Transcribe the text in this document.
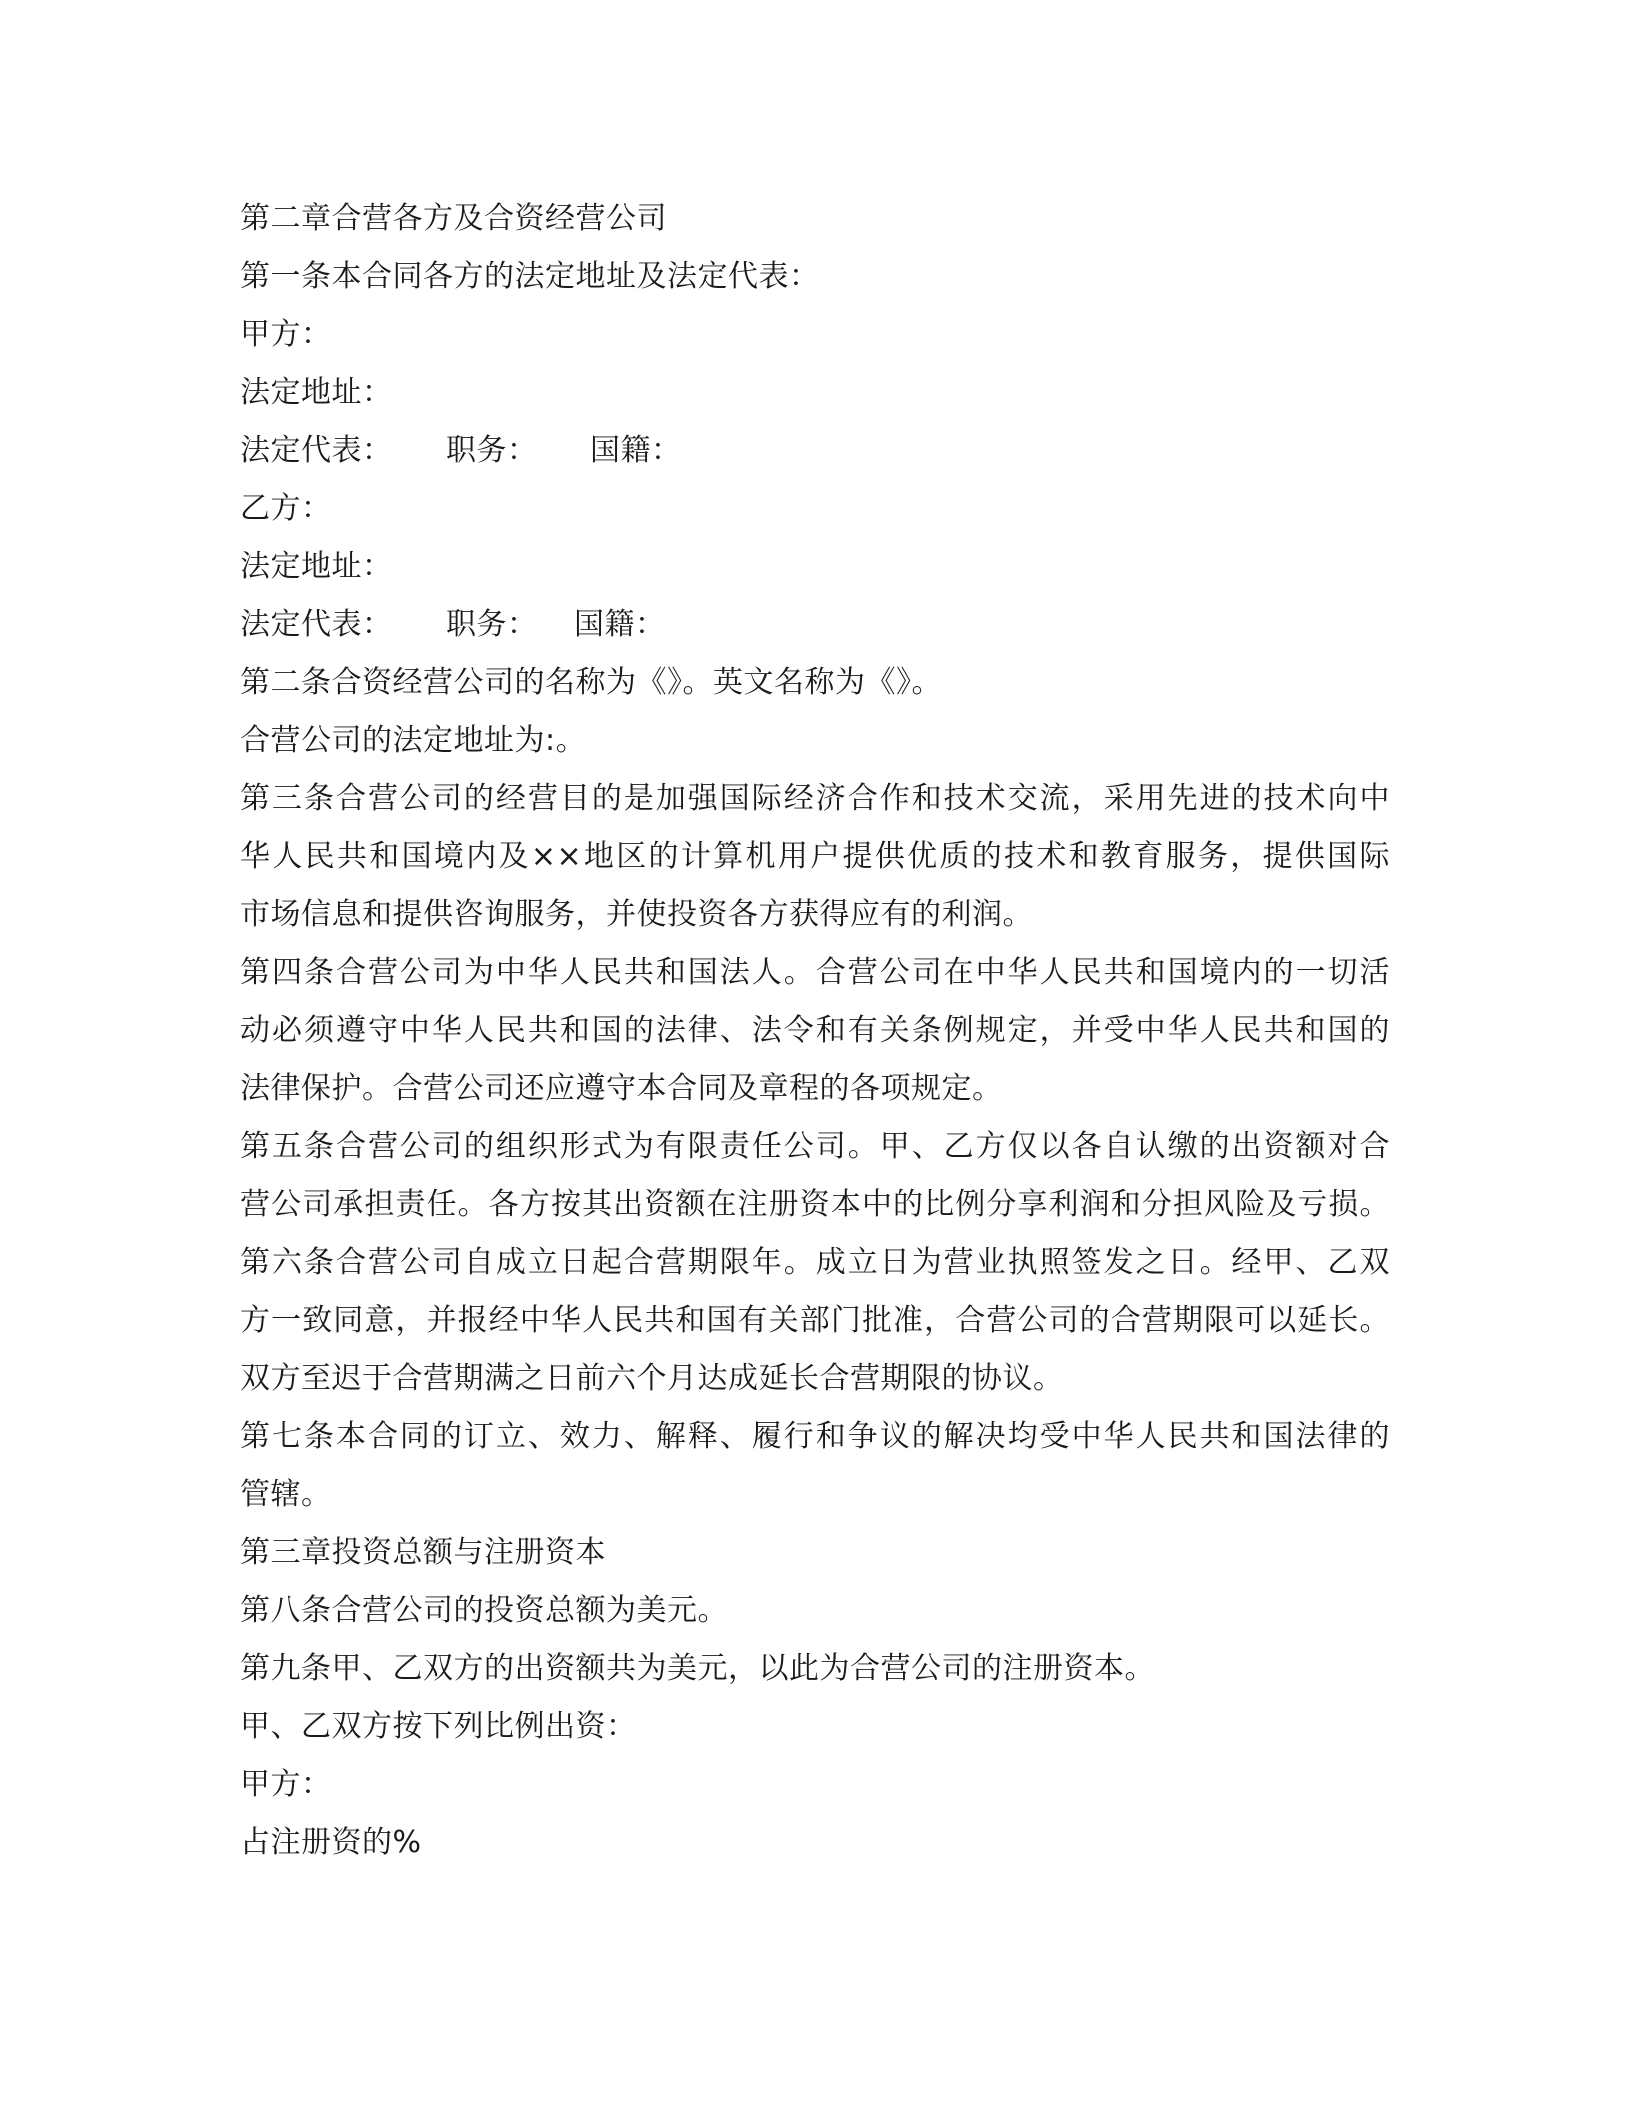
第二章合营各方及合资经营公司
第一条本合同各方的法定地址及法定代表：
甲方：
法定地址：
法定代表： 职务： 国籍：
乙方：
法定地址：
法定代表： 职务： 国籍：
第二条合资经营公司的名称为《》。英文名称为《》。
合营公司的法定地址为:。
第三条合营公司的经营目的是加强国际经济合作和技术交流，采用先进的技术向中
华人民共和国境内及××地区的计算机用户提供优质的技术和教育服务，提供国际
市场信息和提供咨询服务，并使投资各方获得应有的利润。
第四条合营公司为中华人民共和国法人。合营公司在中华人民共和国境内的一切活
动必须遵守中华人民共和国的法律、法令和有关条例规定，并受中华人民共和国的
法律保护。合营公司还应遵守本合同及章程的各项规定。
第五条合营公司的组织形式为有限责任公司。甲、乙方仅以各自认缴的出资额对合
营公司承担责任。各方按其出资额在注册资本中的比例分享利润和分担风险及亏损。
第六条合营公司自成立日起合营期限年。成立日为营业执照签发之日。经甲、乙双
方一致同意，并报经中华人民共和国有关部门批准，合营公司的合营期限可以延长。
双方至迟于合营期满之日前六个月达成延长合营期限的协议。
第七条本合同的订立、效力、解释、履行和争议的解决均受中华人民共和国法律的
管辖。
第三章投资总额与注册资本
第八条合营公司的投资总额为美元。
第九条甲、乙双方的出资额共为美元，以此为合营公司的注册资本。
甲、乙双方按下列比例出资：
甲方：
占注册资的%
